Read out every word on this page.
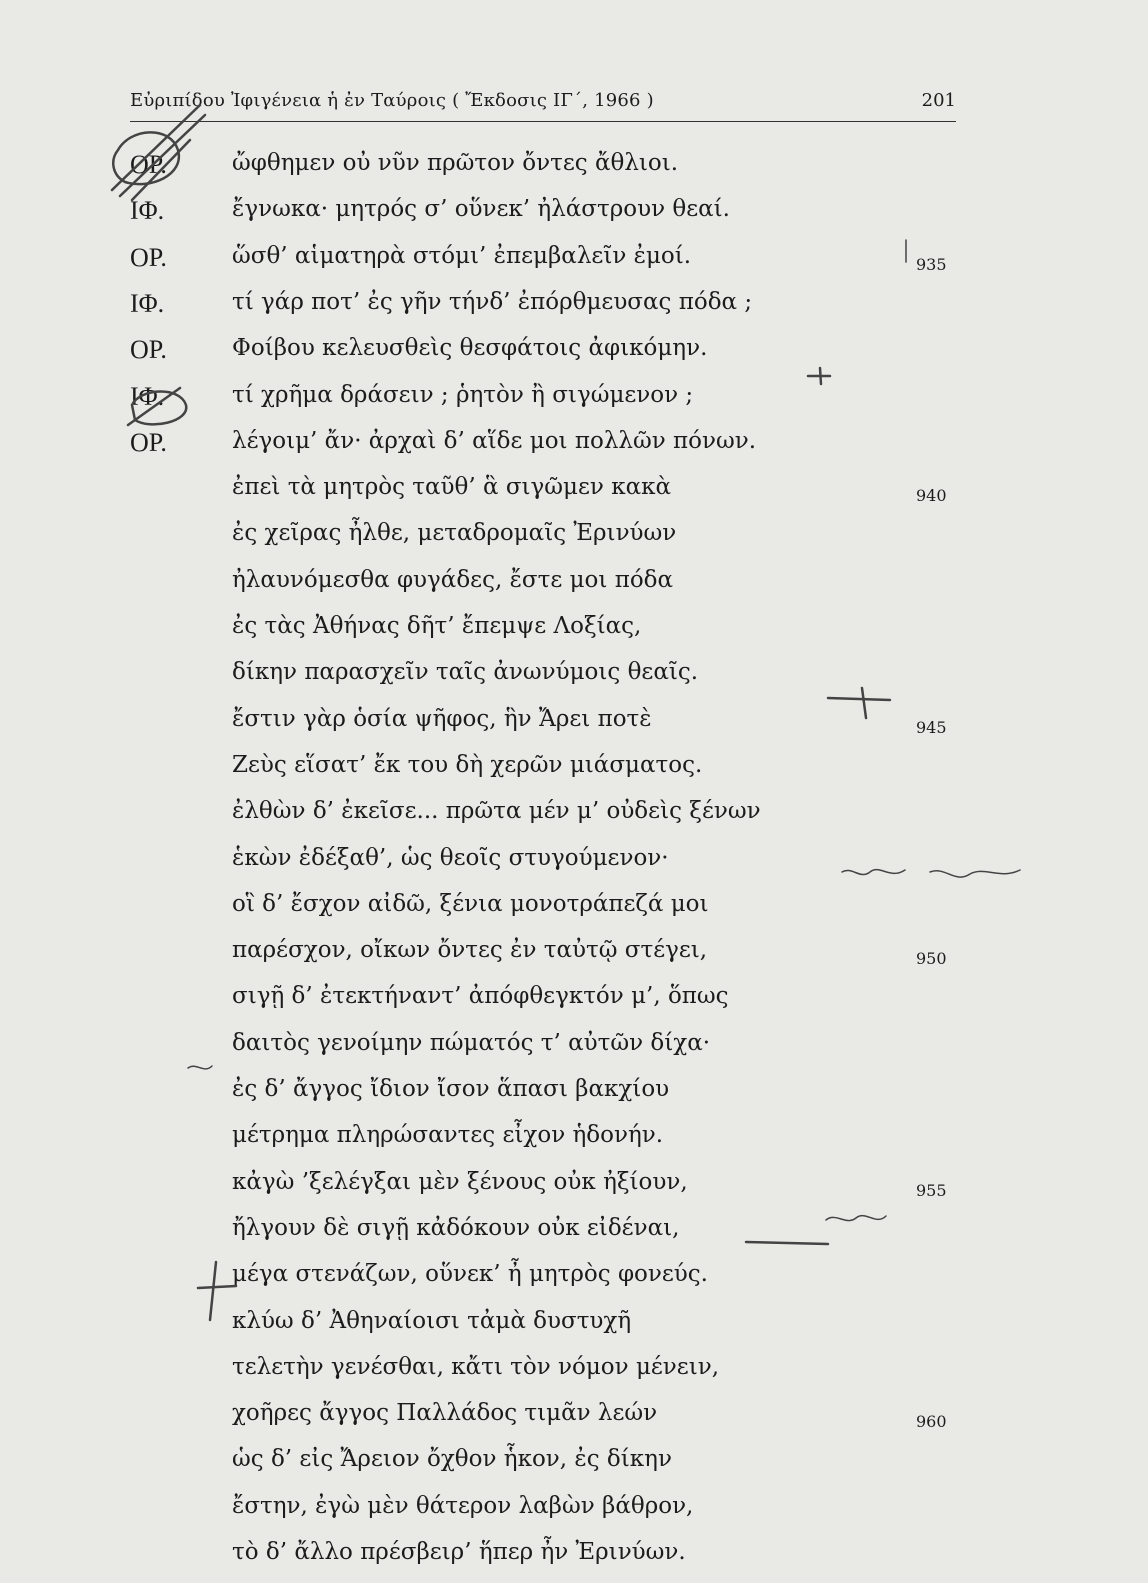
Εὐριπίδου Ἰφιγένεια ἡ ἐν Ταύροις ( Ἔκδοσις ΙΓ΄, 1966 )	201
ΟΡ.	ὤφθημεν οὐ νῦν πρῶτον ὄντες ἄθλιοι.
ΙΦ.	ἔγνωκα· μητρός σ’ οὕνεκ’ ἠλάστρουν θεαί.
ΟΡ.	ὥσθ’ αἱματηρὰ στόμι’ ἐπεμβαλεῖν ἐμοί.	935
ΙΦ.	τί γάρ ποτ’ ἐς γῆν τήνδ’ ἐπόρθμευσας πόδα ;
ΟΡ.	Φοίβου κελευσθεὶς θεσφάτοις ἀφικόμην.
ΙΦ.	τί χρῆμα δράσειν ; ῥητὸν ἢ σιγώμενον ;
ΟΡ.	λέγοιμ’ ἄν· ἀρχαὶ δ’ αἵδε μοι πολλῶν πόνων.
ἐπεὶ τὰ μητρὸς ταῦθ’ ἃ σιγῶμεν κακὰ	940
ἐς χεῖρας ἦλθε, μεταδρομαῖς Ἐρινύων
ἠλαυνόμεσθα φυγάδες, ἔστε μοι πόδα
ἐς τὰς Ἀθήνας δῆτ’ ἔπεμψε Λοξίας,
δίκην παρασχεῖν ταῖς ἀνωνύμοις θεαῖς.
ἔστιν γὰρ ὁσία ψῆφος, ἣν Ἄρει ποτὲ	945
Ζεὺς εἵσατ’ ἔκ του δὴ χερῶν μιάσματος.
ἐλθὼν δ’ ἐκεῖσε... πρῶτα μέν μ’ οὐδεὶς ξένων
ἑκὼν ἐδέξαθ’, ὡς θεοῖς στυγούμενον·
οἳ δ’ ἔσχον αἰδῶ, ξένια μονοτράπεζά μοι
παρέσχον, οἴκων ὄντες ἐν ταὐτῷ στέγει,	950
σιγῇ δ’ ἐτεκτήναντ’ ἀπόφθεγκτόν μ’, ὅπως
δαιτὸς γενοίμην πώματός τ’ αὐτῶν δίχα·
ἐς δ’ ἄγγος ἴδιον ἴσον ἅπασι βακχίου
μέτρημα πληρώσαντες εἶχον ἡδονήν.
κἀγὼ ’ξελέγξαι μὲν ξένους οὐκ ἠξίουν,	955
ἤλγουν δὲ σιγῇ κἀδόκουν οὐκ εἰδέναι,
μέγα στενάζων, οὕνεκ’ ἦ μητρὸς φονεύς.
κλύω δ’ Ἀθηναίοισι τἀμὰ δυστυχῆ
τελετὴν γενέσθαι, κἄτι τὸν νόμον μένειν,
χοῆρες ἄγγος Παλλάδος τιμᾶν λεών	960
ὡς δ’ εἰς Ἄρειον ὄχθον ἧκον, ἐς δίκην
ἔστην, ἐγὼ μὲν θάτερον λαβὼν βάθρον,
τὸ δ’ ἄλλο πρέσβειρ’ ἥπερ ἦν Ἐρινύων.
